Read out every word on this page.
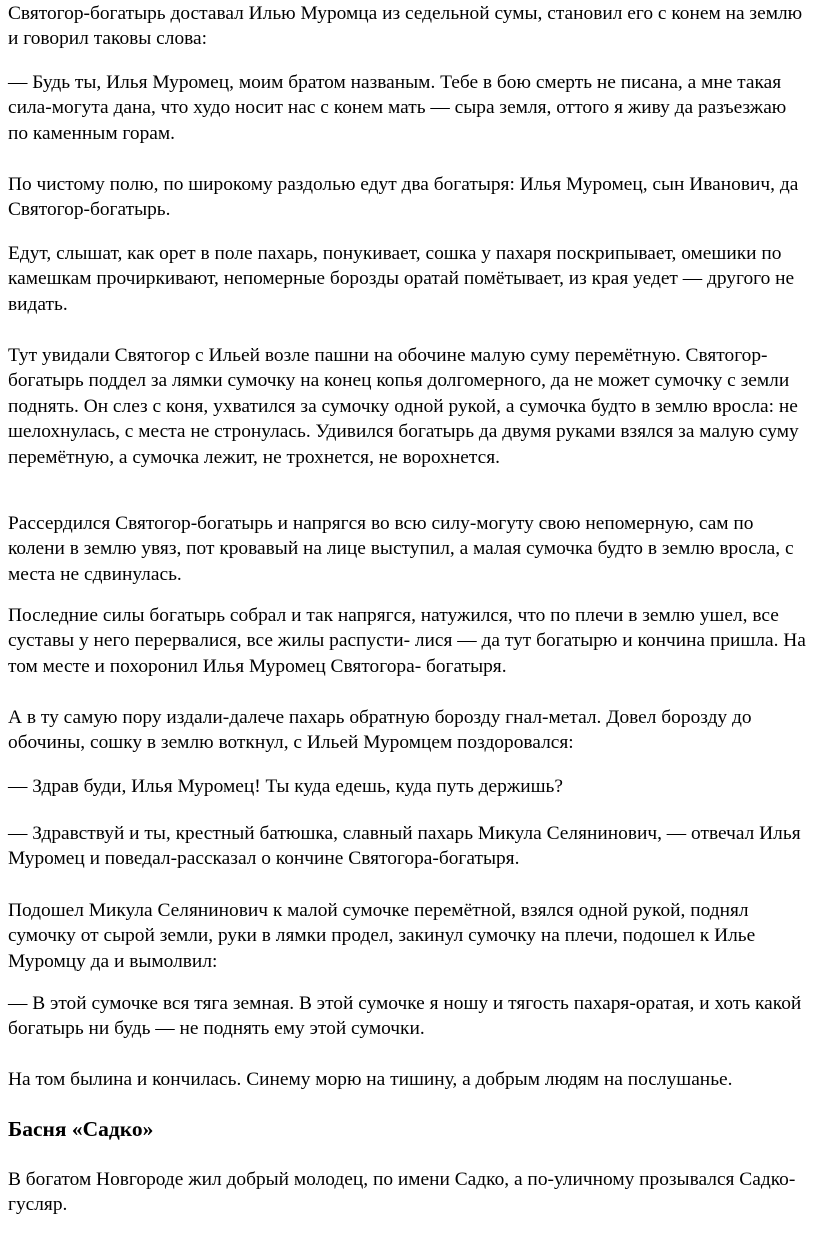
Святогор-богатырь доставал Илью Муромца из седельной сумы, становил его с конем на землю и говорил таковы слова:

— Будь ты, Илья Муромец, моим братом названым. Тебе в бою смерть не писана, а мне такая сила-могута дана, что худо носит нас с конем мать — сыра земля, оттого я живу да разъезжаю по каменным горам.

По чистому полю, по широкому раздолью едут два богатыря: Илья Муромец, сын Иванович, да Святогор-богатырь.

Едут, слышат, как орет в поле пахарь, понукивает, сошка у пахаря поскрипывает, омешики по камешкам прочиркивают, непомерные борозды оратай помётывает, из края уедет — другого не видать.

Тут увидали Святогор с Ильей возле пашни на обочине малую суму перемётную. Святогор- богатырь поддел за лямки сумочку на конец копья долгомерного, да не может сумочку с земли поднять. Он слез с коня, ухватился за сумочку одной рукой, а сумочка будто в землю вросла: не шелохнулась, с места не стронулась. Удивился богатырь да двумя руками взялся за малую суму перемётную, а сумочка лежит, не трохнется, не ворохнется.

Рассердился Святогор-богатырь и напрягся во всю силу-могуту свою непомерную, сам по колени в землю увяз, пот кровавый на лице выступил, а малая сумочка будто в землю вросла, с места не сдвинулась.

Последние силы богатырь собрал и так напрягся, натужился, что по плечи в землю ушел, все суставы у него перервалися, все жилы распусти- лися — да тут богатырю и кончина пришла. На том месте и похоронил Илья Муромец Святогора- богатыря.

А в ту самую пору издали-далече пахарь обратную борозду гнал-метал. Довел борозду до обочины, сошку в землю воткнул, с Ильей Муромцем поздоровался:

— Здрав буди, Илья Муромец! Ты куда едешь, куда путь держишь?

— Здравствуй и ты, крестный батюшка, славный пахарь Микула Селянинович, — отвечал Илья Муромец и поведал-рассказал о кончине Святогора-богатыря.

Подошел Микула Селянинович к малой сумочке перемётной, взялся одной рукой, поднял сумочку от сырой земли, руки в лямки продел, закинул сумочку на плечи, подошел к Илье Муромцу да и вымолвил:

— В этой сумочке вся тяга земная. В этой сумочке я ношу и тягость пахаря-оратая, и хоть какой богатырь ни будь — не поднять ему этой сумочки.

На том былина и кончилась. Синему морю на тишину, а добрым людям на послушанье.

Басня «Садко»

В богатом Новгороде жил добрый молодец, по имени Садко, а по-уличному прозывался Садко- гусляр.
